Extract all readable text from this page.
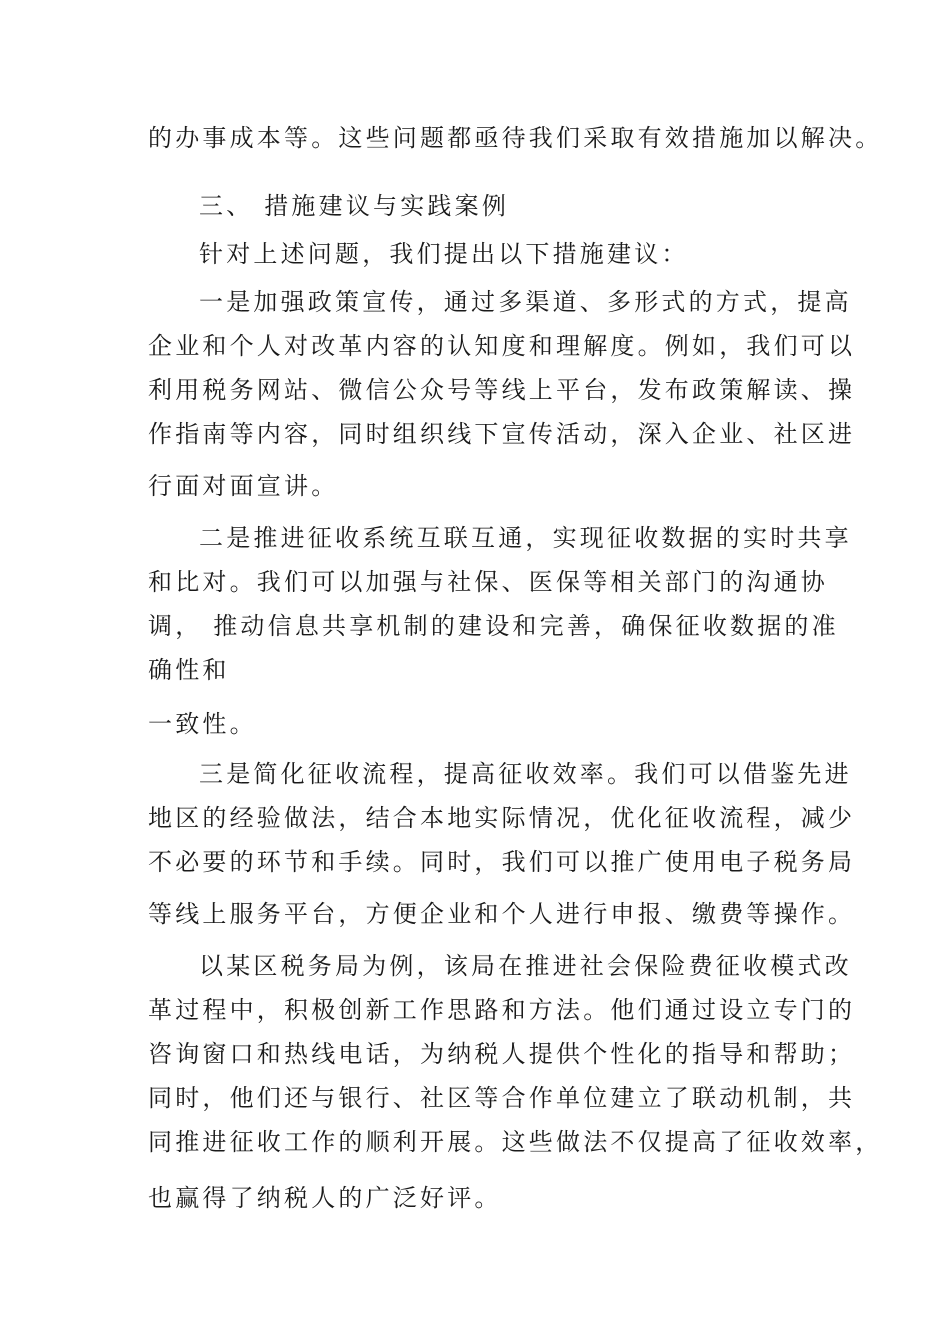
的办事成本等。这些问题都亟待我们采取有效措施加以解决。
三、 措施建议与实践案例
针对上述问题，我们提出以下措施建议：
一是加强政策宣传，通过多渠道、多形式的方式，提高
企业和个人对改革内容的认知度和理解度。例如，我们可以
利用税务网站、微信公众号等线上平台，发布政策解读、操
作指南等内容，同时组织线下宣传活动，深入企业、社区进
行面对面宣讲。
二是推进征收系统互联互通，实现征收数据的实时共享
和比对。我们可以加强与社保、医保等相关部门的沟通协
调， 推动信息共享机制的建设和完善，确保征收数据的准
确性和
一致性。
三是简化征收流程，提高征收效率。我们可以借鉴先进
地区的经验做法，结合本地实际情况，优化征收流程，减少
不必要的环节和手续。同时，我们可以推广使用电子税务局
等线上服务平台，方便企业和个人进行申报、缴费等操作。
以某区税务局为例，该局在推进社会保险费征收模式改
革过程中，积极创新工作思路和方法。他们通过设立专门的
咨询窗口和热线电话，为纳税人提供个性化的指导和帮助；
同时，他们还与银行、社区等合作单位建立了联动机制，共
同推进征收工作的顺利开展。这些做法不仅提高了征收效率，
也赢得了纳税人的广泛好评。
